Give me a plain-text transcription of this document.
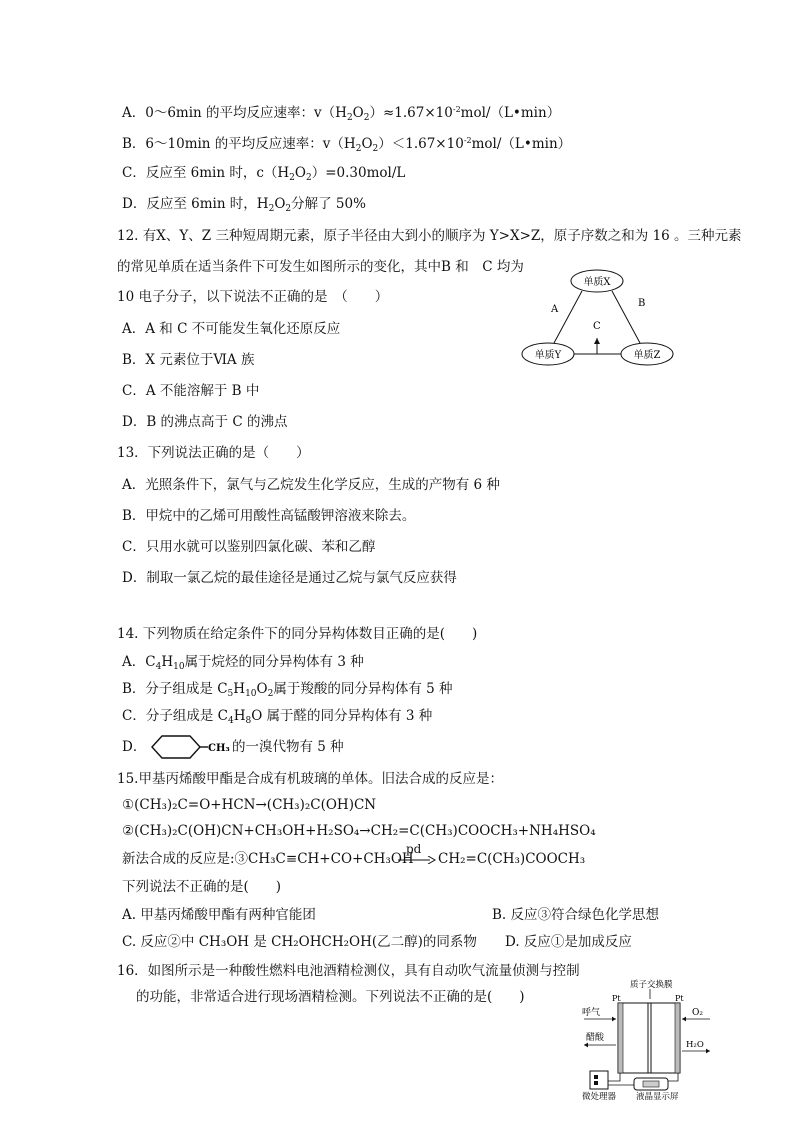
A．0～6min 的平均反应速率：$v(H_2O_2)\approx 1.67\times 10^{-2}mol/(L•\min)$
B．6～10min 的平均反应速率：$v(H_2O_2)<1.67\times 10^{-2}mol/(L•\min)$
C．反应至 6min 时，$c(H_2O_2)=0.30mol/L$
D．反应至 6min 时，$H_2O_2$分解了 50%
12. 有X、Y、Z 三种短周期元素，原子半径由大到小的顺序为 Y>X>Z，原子序数之和为 16 。三种元素
的常见单质在适当条件下可发生如图所示的变化，其中B 和　C 均为
10 电子分子，以下说法不正确的是　（　　）
A．A 和 C 不可能发生氧化还原反应
B．X 元素位于ⅥA 族
C．A 不能溶解于 B 中
D．B 的沸点高于 C 的沸点
单质X
单质Y	单质Z
A
B
C
13．下列说法正确的是（　　）
A．光照条件下，氯气与乙烷发生化学反应，生成的产物有 6 种
B．甲烷中的乙烯可用酸性高锰酸钾溶液来除去。
C．只用水就可以鉴别四氯化碳、苯和乙醇
D．制取一氯乙烷的最佳途径是通过乙烷与氯气反应获得
14. 下列物质在给定条件下的同分异构体数目正确的是(　　)
A．$C_4H_{10}$属于烷烃的同分异构体有 3 种
B．分子组成是 $C_5H_{10}O_2$属于羧酸的同分异构体有 5 种
C．分子组成是 $C_4H_8O$ 属于醛的同分异构体有 3 种
D．	CH₃ 的一溴代物有 5 种
15.甲基丙烯酸甲酯是合成有机玻璃的单体。旧法合成的反应是：
①(CH₃)₂C=O+HCN→(CH₃)₂C(OH)CN
②(CH₃)₂C(OH)CN+CH₃OH+H₂SO₄→CH₂=C(CH₃)COOCH₃+NH₄HSO₄
新法合成的反应是:③CH₃C≡CH+CO+CH₃OH
pd
CH₂=C(CH₃)COOCH₃
下列说法不正确的是(　　)
A. 甲基丙烯酸甲酯有两种官能团	B. 反应③符合绿色化学思想
C. 反应②中 CH₃OH 是 CH₂OHCH₂OH(乙二醇)的同系物 D. 反应①是加成反应
16．如图所示是一种酸性燃料电池酒精检测仪，具有自动吹气流量侦测与控制
的功能，非常适合进行现场酒精检测。下列说法不正确的是(　　)
质子交换膜
Pt	Pt
呼气	O₂
醋酸
H₂O
微处理器 液晶显示屏
